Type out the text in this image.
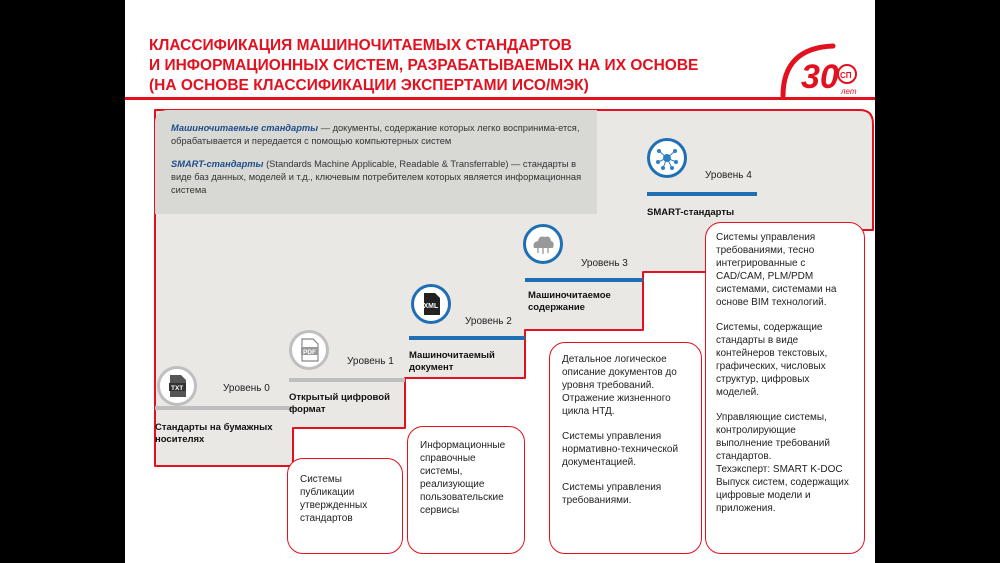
КЛАССИФИКАЦИЯ МАШИНОЧИТАЕМЫХ СТАНДАРТОВ
И ИНФОРМАЦИОННЫХ СИСТЕМ, РАЗРАБАТЫВАЕМЫХ НА ИХ ОСНОВЕ
(НА ОСНОВЕ КЛАССИФИКАЦИИ ЭКСПЕРТАМИ ИСО/МЭК)	30 СП
лет
Машиночитаемые стандарты — документы, содержание которых легко воспринима-ется, обрабатывается и передается с помощью компьютерных систем
SMART-стандарты (Standards Machine Applicable, Readable & Transferrable) — стандарты в виде баз данных, моделей и т.д., ключевым потребителем которых является информационная система
TXT	Уровень 0
Стандарты на бумажных носителях
PDF
Уровень 1
Открытый цифровой формат
XML
Уровень 2
Машиночитаемый документ
Уровень 3
Машиночитаемое содержание
Уровень 4
SMART-стандарты

Системы публикации утвержденных стандартов

Информационные справочные системы, реализующие пользовательские сервисы

Детальное логическое описание документов до уровня требований. Отражение жизненного цикла НТД.

Системы управления нормативно-технической документацией.

Системы управления требованиями.

Системы управления требованиями, тесно интегрированные с CAD/CAM, PLM/PDM системами, системами на основе BIM технологий.

Системы, содержащие стандарты в виде контейнеров текстовых, графических, числовых структур, цифровых моделей.

Управляющие системы, контролирующие выполнение требований стандартов.

Техэксперт: SMART K-DOC Выпуск систем, содержащих цифровые модели и приложения.
